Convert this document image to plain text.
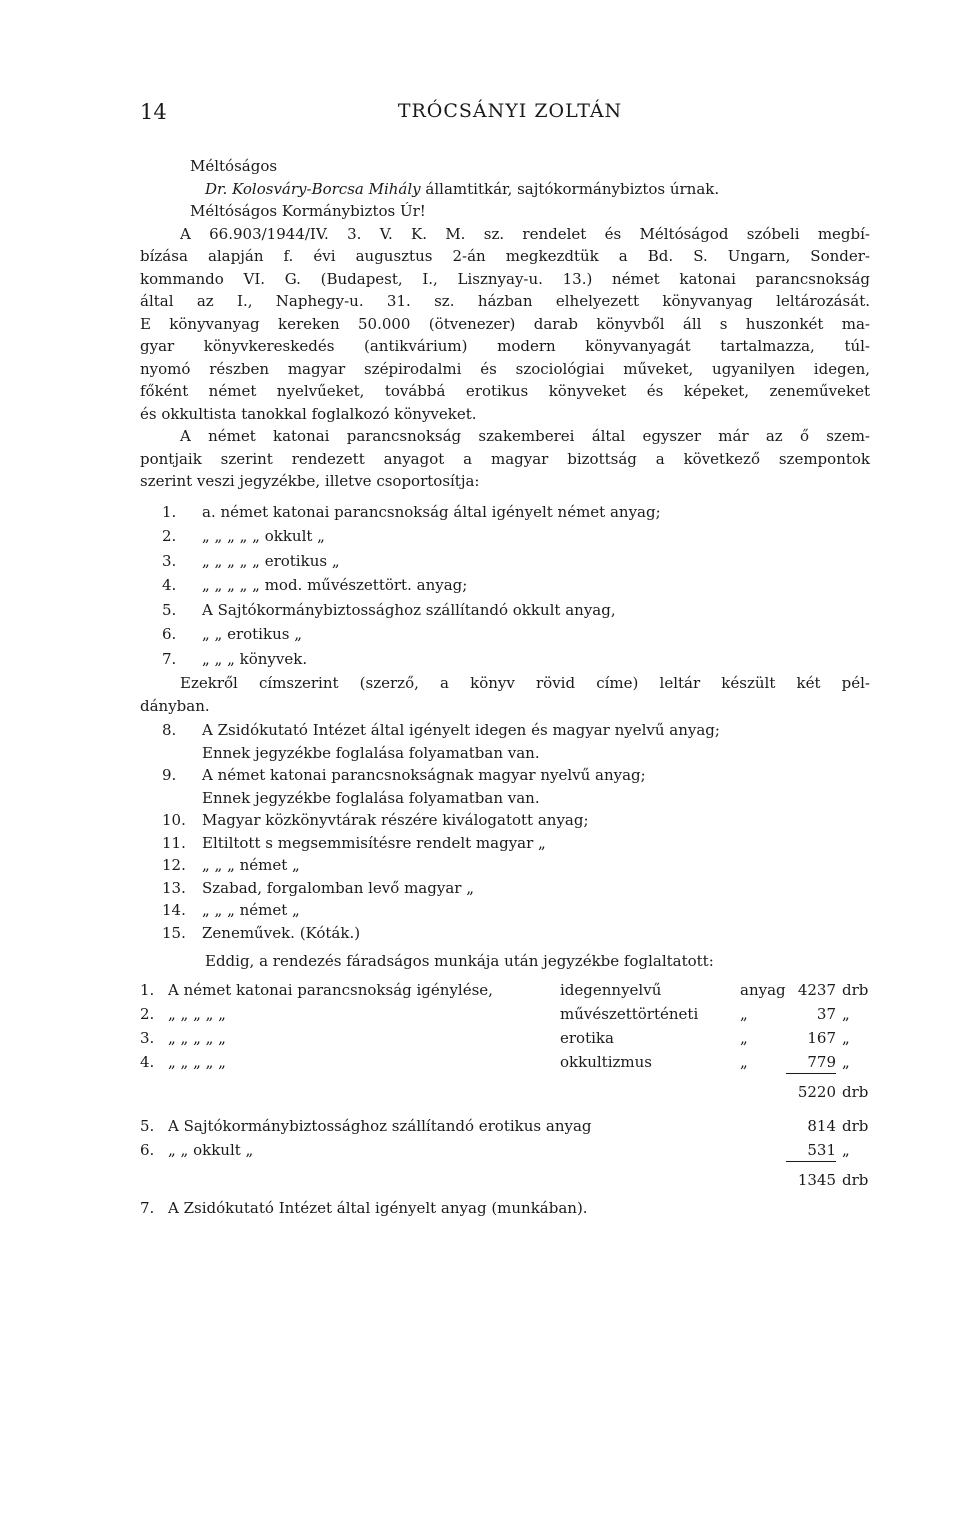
14	TRÓCSÁNYI ZOLTÁN
Méltóságos
Dr. Kolosváry-Borcsa Mihály államtitkár, sajtókormánybiztos úrnak.
Méltóságos Kormánybiztos Úr!
A 66.903/1944/IV. 3. V. K. M. sz. rendelet és Méltóságod szóbeli megbí-
bízása alapján f. évi augusztus 2-án megkezdtük a Bd. S. Ungarn, Sonder-
kommando VI. G. (Budapest, I., Lisznyay-u. 13.) német katonai parancsnokság
által az I., Naphegy-u. 31. sz. házban elhelyezett könyvanyag leltározását.
E könyvanyag kereken 50.000 (ötvenezer) darab könyvből áll s huszonkét ma-
gyar könyvkereskedés (antikvárium) modern könyvanyagát tartalmazza, túl-
nyomó részben magyar szépirodalmi és szociológiai műveket, ugyanilyen idegen,
főként német nyelvűeket, továbbá erotikus könyveket és képeket, zeneműveket
és okkultista tanokkal foglalkozó könyveket.
A német katonai parancsnokság szakemberei által egyszer már az ő szem-
pontjaik szerint rendezett anyagot a magyar bizottság a következő szempontok
szerint veszi jegyzékbe, illetve csoportosítja:
1. a. német katonai parancsnokság által igényelt német anyag;
2. „ „ „ „ „ okkult „
3. „ „ „ „ „ erotikus „
4. „ „ „ „ „ mod. művészettört. anyag;
5. A Sajtókormánybiztossághoz szállítandó okkult anyag,
6. „ „ erotikus „
7. „ „ „ könyvek.
Ezekről címszerint (szerző, a könyv rövid címe) leltár készült két pél-
dányban.
8. A Zsidókutató Intézet által igényelt idegen és magyar nyelvű anyag;
Ennek jegyzékbe foglalása folyamatban van.
9. A német katonai parancsnokságnak magyar nyelvű anyag;
Ennek jegyzékbe foglalása folyamatban van.
10. Magyar közkönyvtárak részére kiválogatott anyag;
11. Eltiltott s megsemmisítésre rendelt magyar „
12. „ „ „ német „
13. Szabad, forgalomban levő magyar „
14. „ „ „ német „
15. Zeneművek. (Kóták.)
Eddig, a rendezés fáradságos munkája után jegyzékbe foglaltatott:
1. A német katonai parancsnokság igénylése,	idegennyelvű	anyag 4237 drb
2. „ „ „ „ „	művészettörténeti	„	37 „
3. „ „ „ „ „	erotika	„	167 „
4. „ „ „ „ „	okkultizmus	„	779 „
5220 drb
5. A Sajtókormánybiztossághoz szállítandó erotikus anyag	814 drb
6. „ „ okkult „	531 „
1345 drb
7. A Zsidókutató Intézet által igényelt anyag (munkában).
